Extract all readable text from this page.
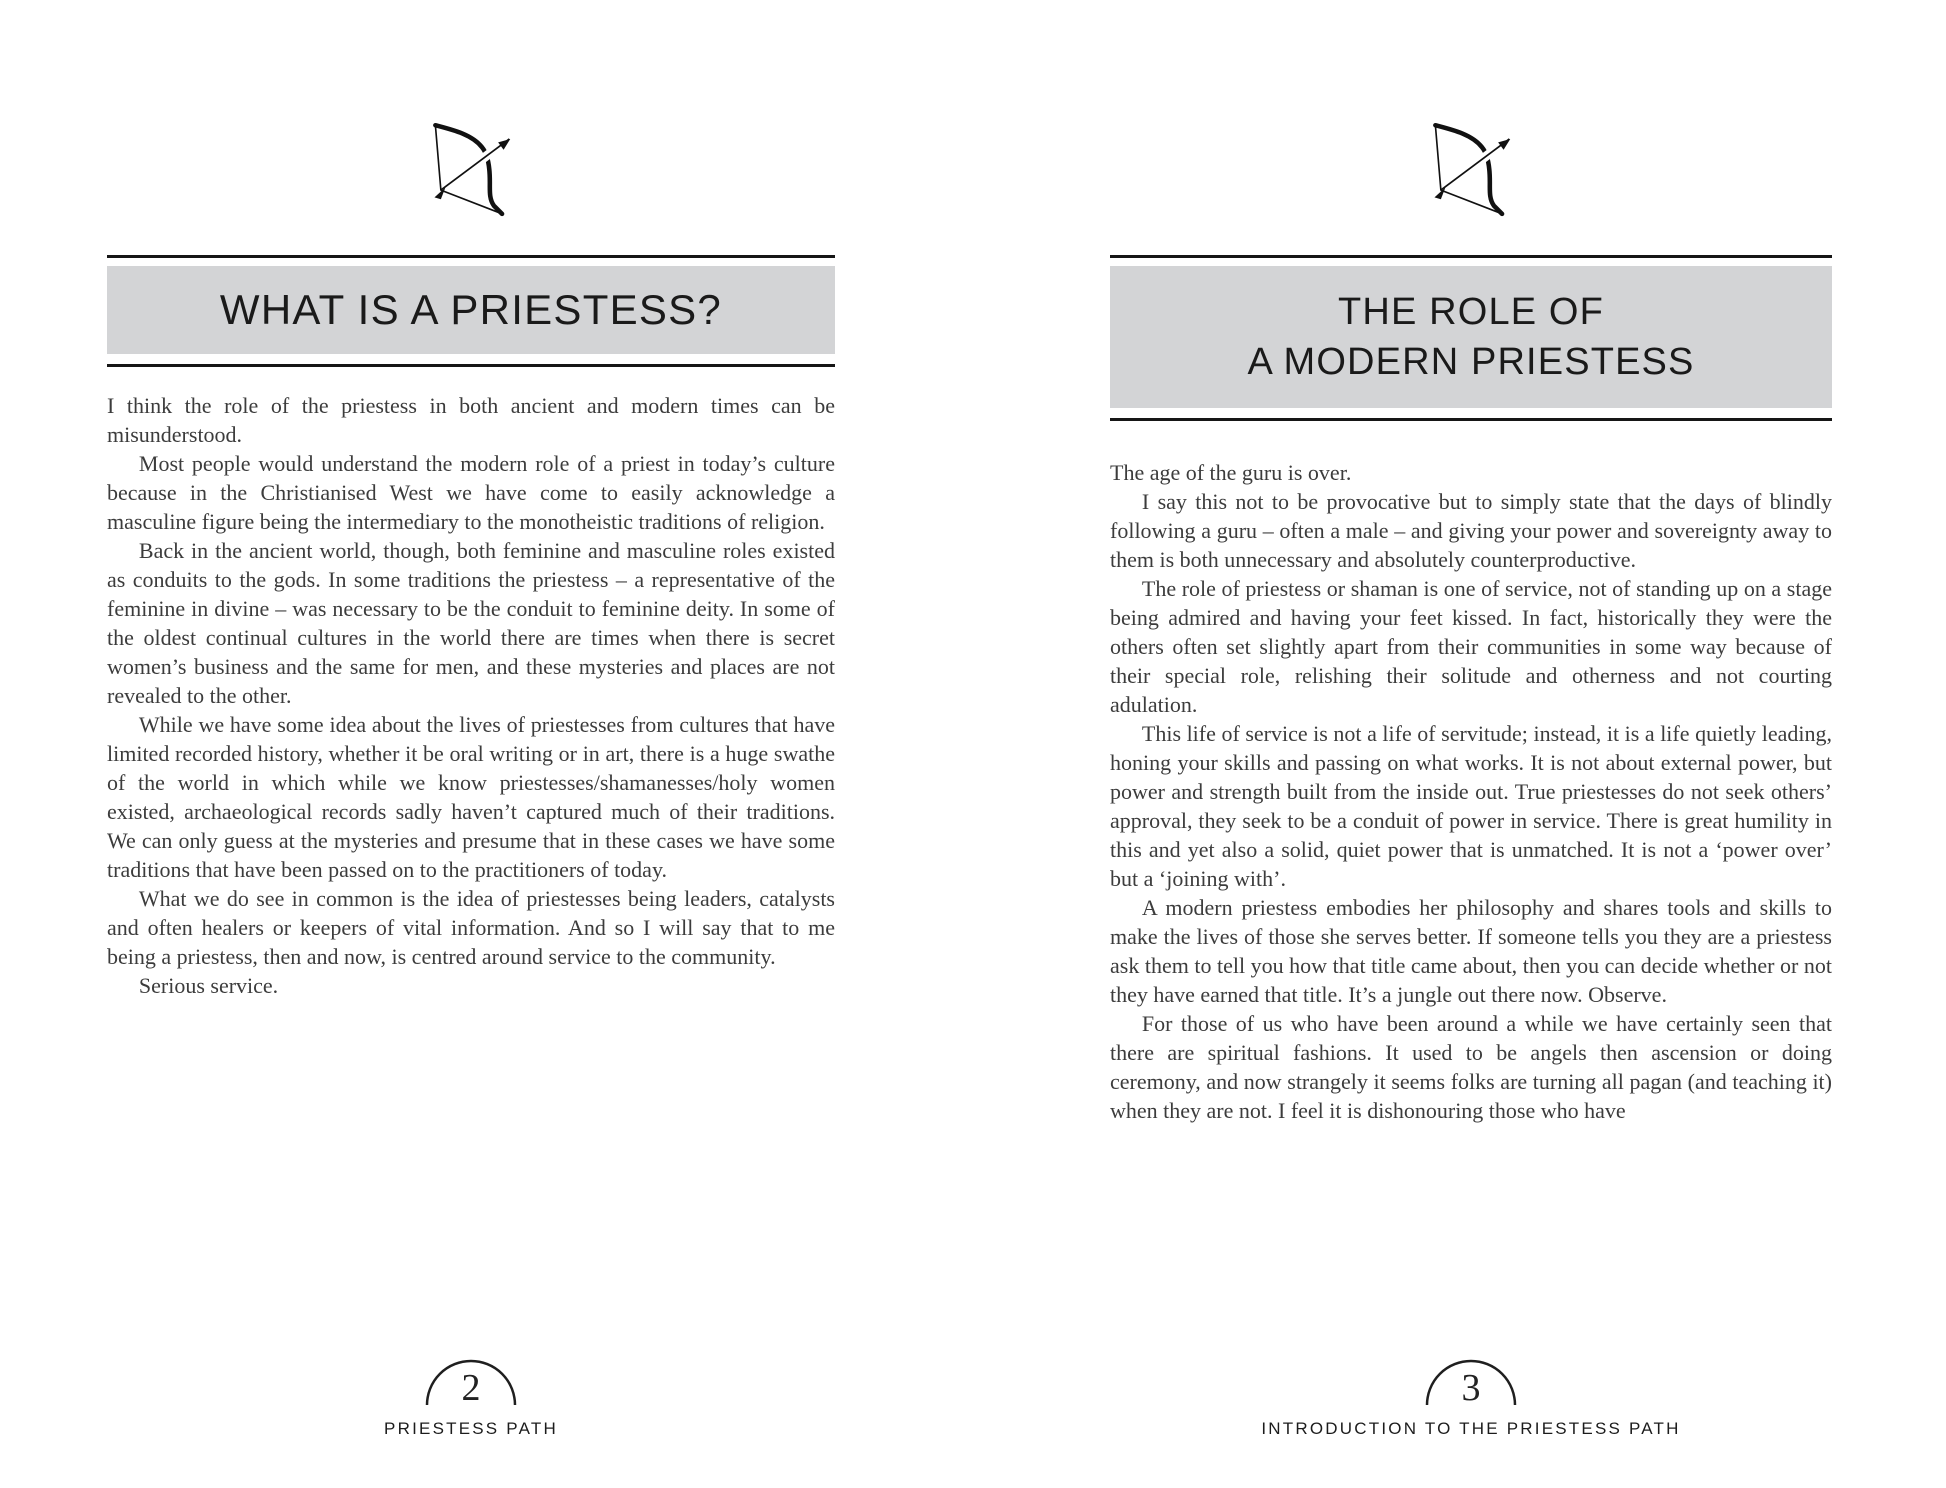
WHAT IS A PRIESTESS?

I think the role of the priestess in both ancient and modern times can be misunderstood.

Most people would understand the modern role of a priest in today’s culture because in the Christianised West we have come to easily acknowledge a masculine figure being the intermediary to the monotheistic traditions of religion.

Back in the ancient world, though, both feminine and masculine roles existed as conduits to the gods. In some traditions the priestess – a representative of the feminine in divine – was necessary to be the conduit to feminine deity. In some of the oldest continual cultures in the world there are times when there is secret women’s business and the same for men, and these mysteries and places are not revealed to the other.

While we have some idea about the lives of priestesses from cultures that have limited recorded history, whether it be oral writing or in art, there is a huge swathe of the world in which while we know priestesses/shamanesses/holy women existed, archaeological records sadly haven’t captured much of their traditions. We can only guess at the mysteries and presume that in these cases we have some traditions that have been passed on to the practitioners of today.

What we do see in common is the idea of priestesses being leaders, catalysts and often healers or keepers of vital information. And so I will say that to me being a priestess, then and now, is centred around service to the community.

Serious service.

2
PRIESTESS PATH
THE ROLE OF
A MODERN PRIESTESS

The age of the guru is over.

I say this not to be provocative but to simply state that the days of blindly following a guru – often a male – and giving your power and sovereignty away to them is both unnecessary and absolutely counterproductive.

The role of priestess or shaman is one of service, not of standing up on a stage being admired and having your feet kissed. In fact, historically they were the others often set slightly apart from their communities in some way because of their special role, relishing their solitude and otherness and not courting adulation.

This life of service is not a life of servitude; instead, it is a life quietly leading, honing your skills and passing on what works. It is not about external power, but power and strength built from the inside out. True priestesses do not seek others’ approval, they seek to be a conduit of power in service. There is great humility in this and yet also a solid, quiet power that is unmatched. It is not a ‘power over’ but a ‘joining with’.

A modern priestess embodies her philosophy and shares tools and skills to make the lives of those she serves better. If someone tells you they are a priestess ask them to tell you how that title came about, then you can decide whether or not they have earned that title. It’s a jungle out there now. Observe.

For those of us who have been around a while we have certainly seen that there are spiritual fashions. It used to be angels then ascension or doing ceremony, and now strangely it seems folks are turning all pagan (and teaching it) when they are not. I feel it is dishonouring those who have

3
INTRODUCTION TO THE PRIESTESS PATH
